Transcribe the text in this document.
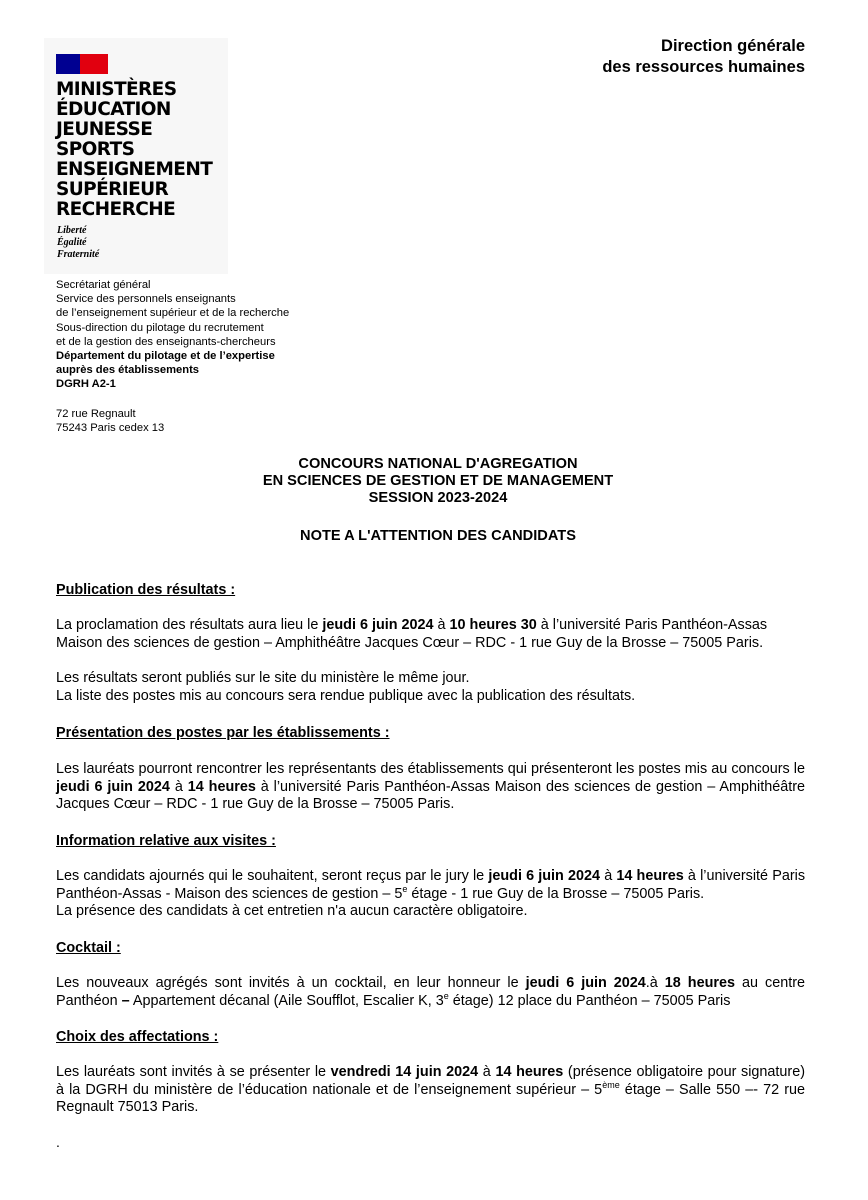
MINISTÈRES
ÉDUCATION
JEUNESSE
SPORTS
ENSEIGNEMENT
SUPÉRIEUR
RECHERCHE
Liberté
Égalité
Fraternité
Direction générale
des ressources humaines
Secrétariat général
Service des personnels enseignants
de l’enseignement supérieur et de la recherche
Sous-direction du pilotage du recrutement
et de la gestion des enseignants-chercheurs
Département du pilotage et de l’expertise
auprès des établissements
DGRH A2-1
72 rue Regnault
75243 Paris cedex 13
CONCOURS NATIONAL D'AGREGATION
EN SCIENCES DE GESTION ET DE MANAGEMENT
SESSION 2023-2024
NOTE A L'ATTENTION DES CANDIDATS
Publication des résultats :
La proclamation des résultats aura lieu le jeudi 6 juin 2024 à 10 heures 30 à l’université Paris Panthéon-Assas
Maison des sciences de gestion – Amphithéâtre Jacques Cœur – RDC - 1 rue Guy de la Brosse – 75005 Paris.
Les résultats seront publiés sur le site du ministère le même jour.
La liste des postes mis au concours sera rendue publique avec la publication des résultats.
Présentation des postes par les établissements :
Les lauréats pourront rencontrer les représentants des établissements qui présenteront les postes mis au concours le jeudi 6 juin 2024 à 14 heures à l’université Paris Panthéon-Assas Maison des sciences de gestion – Amphithéâtre Jacques Cœur – RDC - 1 rue Guy de la Brosse – 75005 Paris.
Information relative aux visites :
Les candidats ajournés qui le souhaitent, seront reçus par le jury le jeudi 6 juin 2024 à 14 heures à l’université Paris Panthéon-Assas - Maison des sciences de gestion – 5e étage - 1 rue Guy de la Brosse – 75005 Paris.
La présence des candidats à cet entretien n'a aucun caractère obligatoire.
Cocktail :
Les nouveaux agrégés sont invités à un cocktail, en leur honneur le jeudi 6 juin 2024.à 18 heures au centre Panthéon – Appartement décanal (Aile Soufflot, Escalier K, 3e étage) 12 place du Panthéon – 75005 Paris
Choix des affectations :
Les lauréats sont invités à se présenter le vendredi 14 juin 2024 à 14 heures (présence obligatoire pour signature) à la DGRH du ministère de l’éducation nationale et de l’enseignement supérieur – 5ème étage – Salle 550 –- 72 rue Regnault 75013 Paris.
.
